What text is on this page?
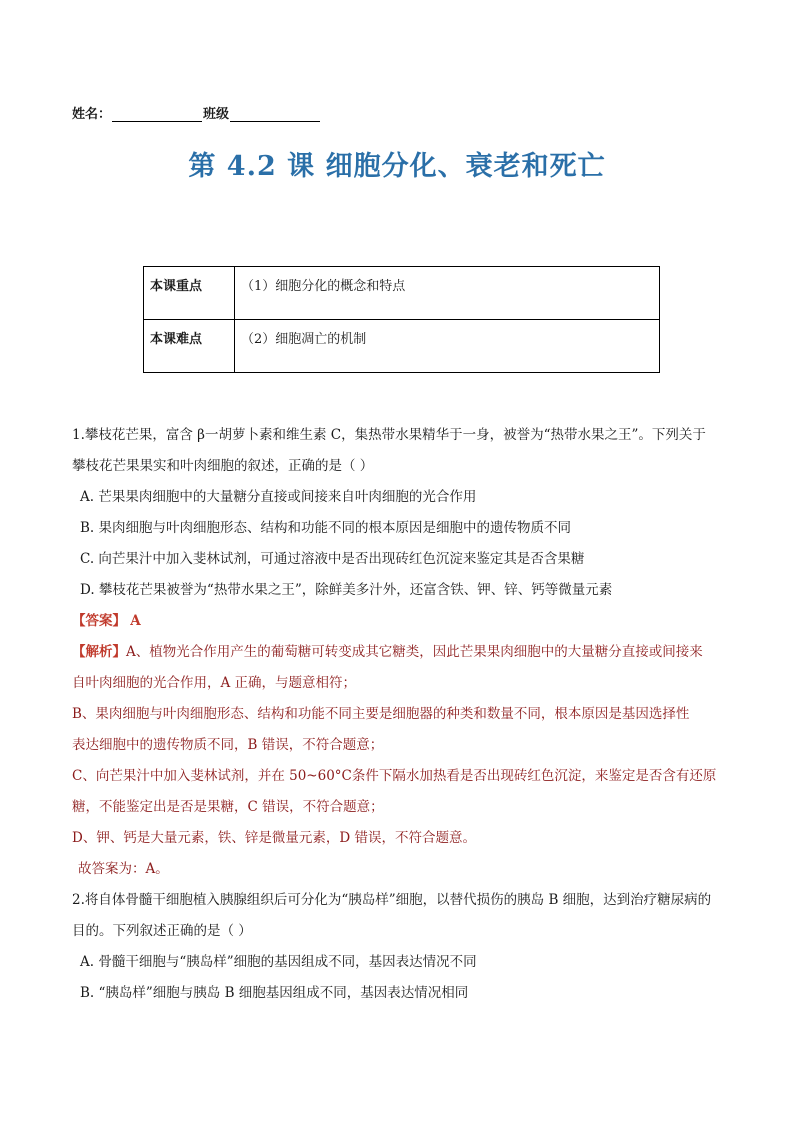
姓名：	班级
第 4.2 课 细胞分化、衰老和死亡
本课重点	（1）细胞分化的概念和特点
本课难点	（2）细胞凋亡的机制
1.攀枝花芒果，富含 β一胡萝卜素和维生素 C，集热带水果精华于一身，被誉为“热带水果之王”。下列关于
攀枝花芒果果实和叶肉细胞的叙述，正确的是（ ）
A. 芒果果肉细胞中的大量糖分直接或间接来自叶肉细胞的光合作用
B. 果肉细胞与叶肉细胞形态、结构和功能不同的根本原因是细胞中的遗传物质不同
C. 向芒果汁中加入斐林试剂，可通过溶液中是否出现砖红色沉淀来鉴定其是否含果糖
D. 攀枝花芒果被誉为“热带水果之王”，除鲜美多汁外，还富含铁、钾、锌、钙等微量元素
【答案】 A
【解析】A、植物光合作用产生的葡萄糖可转变成其它糖类，因此芒果果肉细胞中的大量糖分直接或间接来
自叶肉细胞的光合作用，A 正确，与题意相符；
B、果肉细胞与叶肉细胞形态、结构和功能不同主要是细胞器的种类和数量不同，根本原因是基因选择性
表达细胞中的遗传物质不同，B 错误，不符合题意；
C、向芒果汁中加入斐林试剂，并在 50~60°C条件下隔水加热看是否出现砖红色沉淀，来鉴定是否含有还原
糖，不能鉴定出是否是果糖，C 错误，不符合题意；
D、钾、钙是大量元素，铁、锌是微量元素，D 错误，不符合题意。
故答案为：A。
2.将自体骨髓干细胞植入胰腺组织后可分化为“胰岛样”细胞，以替代损伤的胰岛 B 细胞，达到治疗糖尿病的
目的。下列叙述正确的是（ ）
A. 骨髓干细胞与“胰岛样”细胞的基因组成不同，基因表达情况不同
B. “胰岛样”细胞与胰岛 B 细胞基因组成不同，基因表达情况相同
